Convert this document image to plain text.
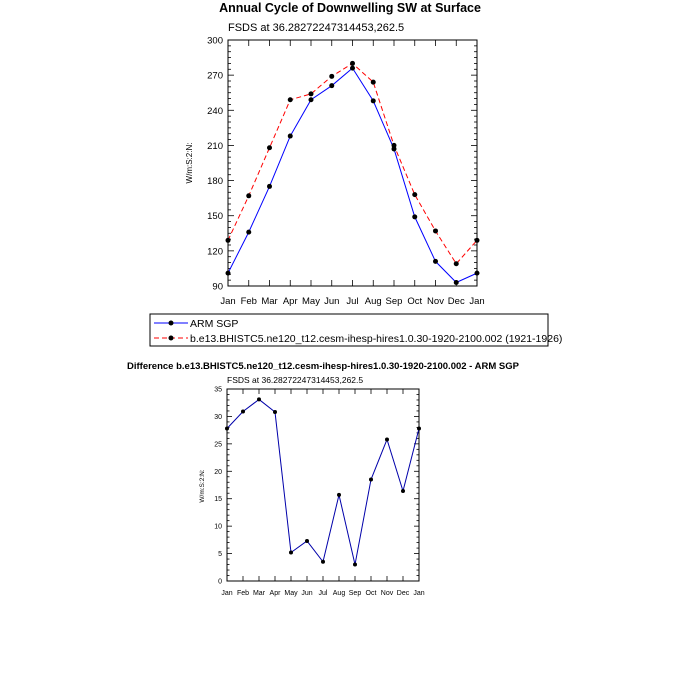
Annual Cycle of Downwelling SW at Surface
FSDS at 36.28272247314453,262.5
W/m:S:2:N:
90
120
150
180
210
240
270
300
Jan Feb Mar Apr May Jun Jul Aug Sep Oct Nov Dec Jan
ARM SGP
b.e13.BHISTC5.ne120_t12.cesm-ihesp-hires1.0.30-1920-2100.002 (1921-1926)
Difference b.e13.BHISTC5.ne120_t12.cesm-ihesp-hires1.0.30-1920-2100.002 - ARM SGP
FSDS at 36.28272247314453,262.5
W/m:S:2:N:
0
5
10
15
20
25
30
35
Jan Feb Mar Apr May Jun Jul Aug Sep Oct Nov Dec Jan
